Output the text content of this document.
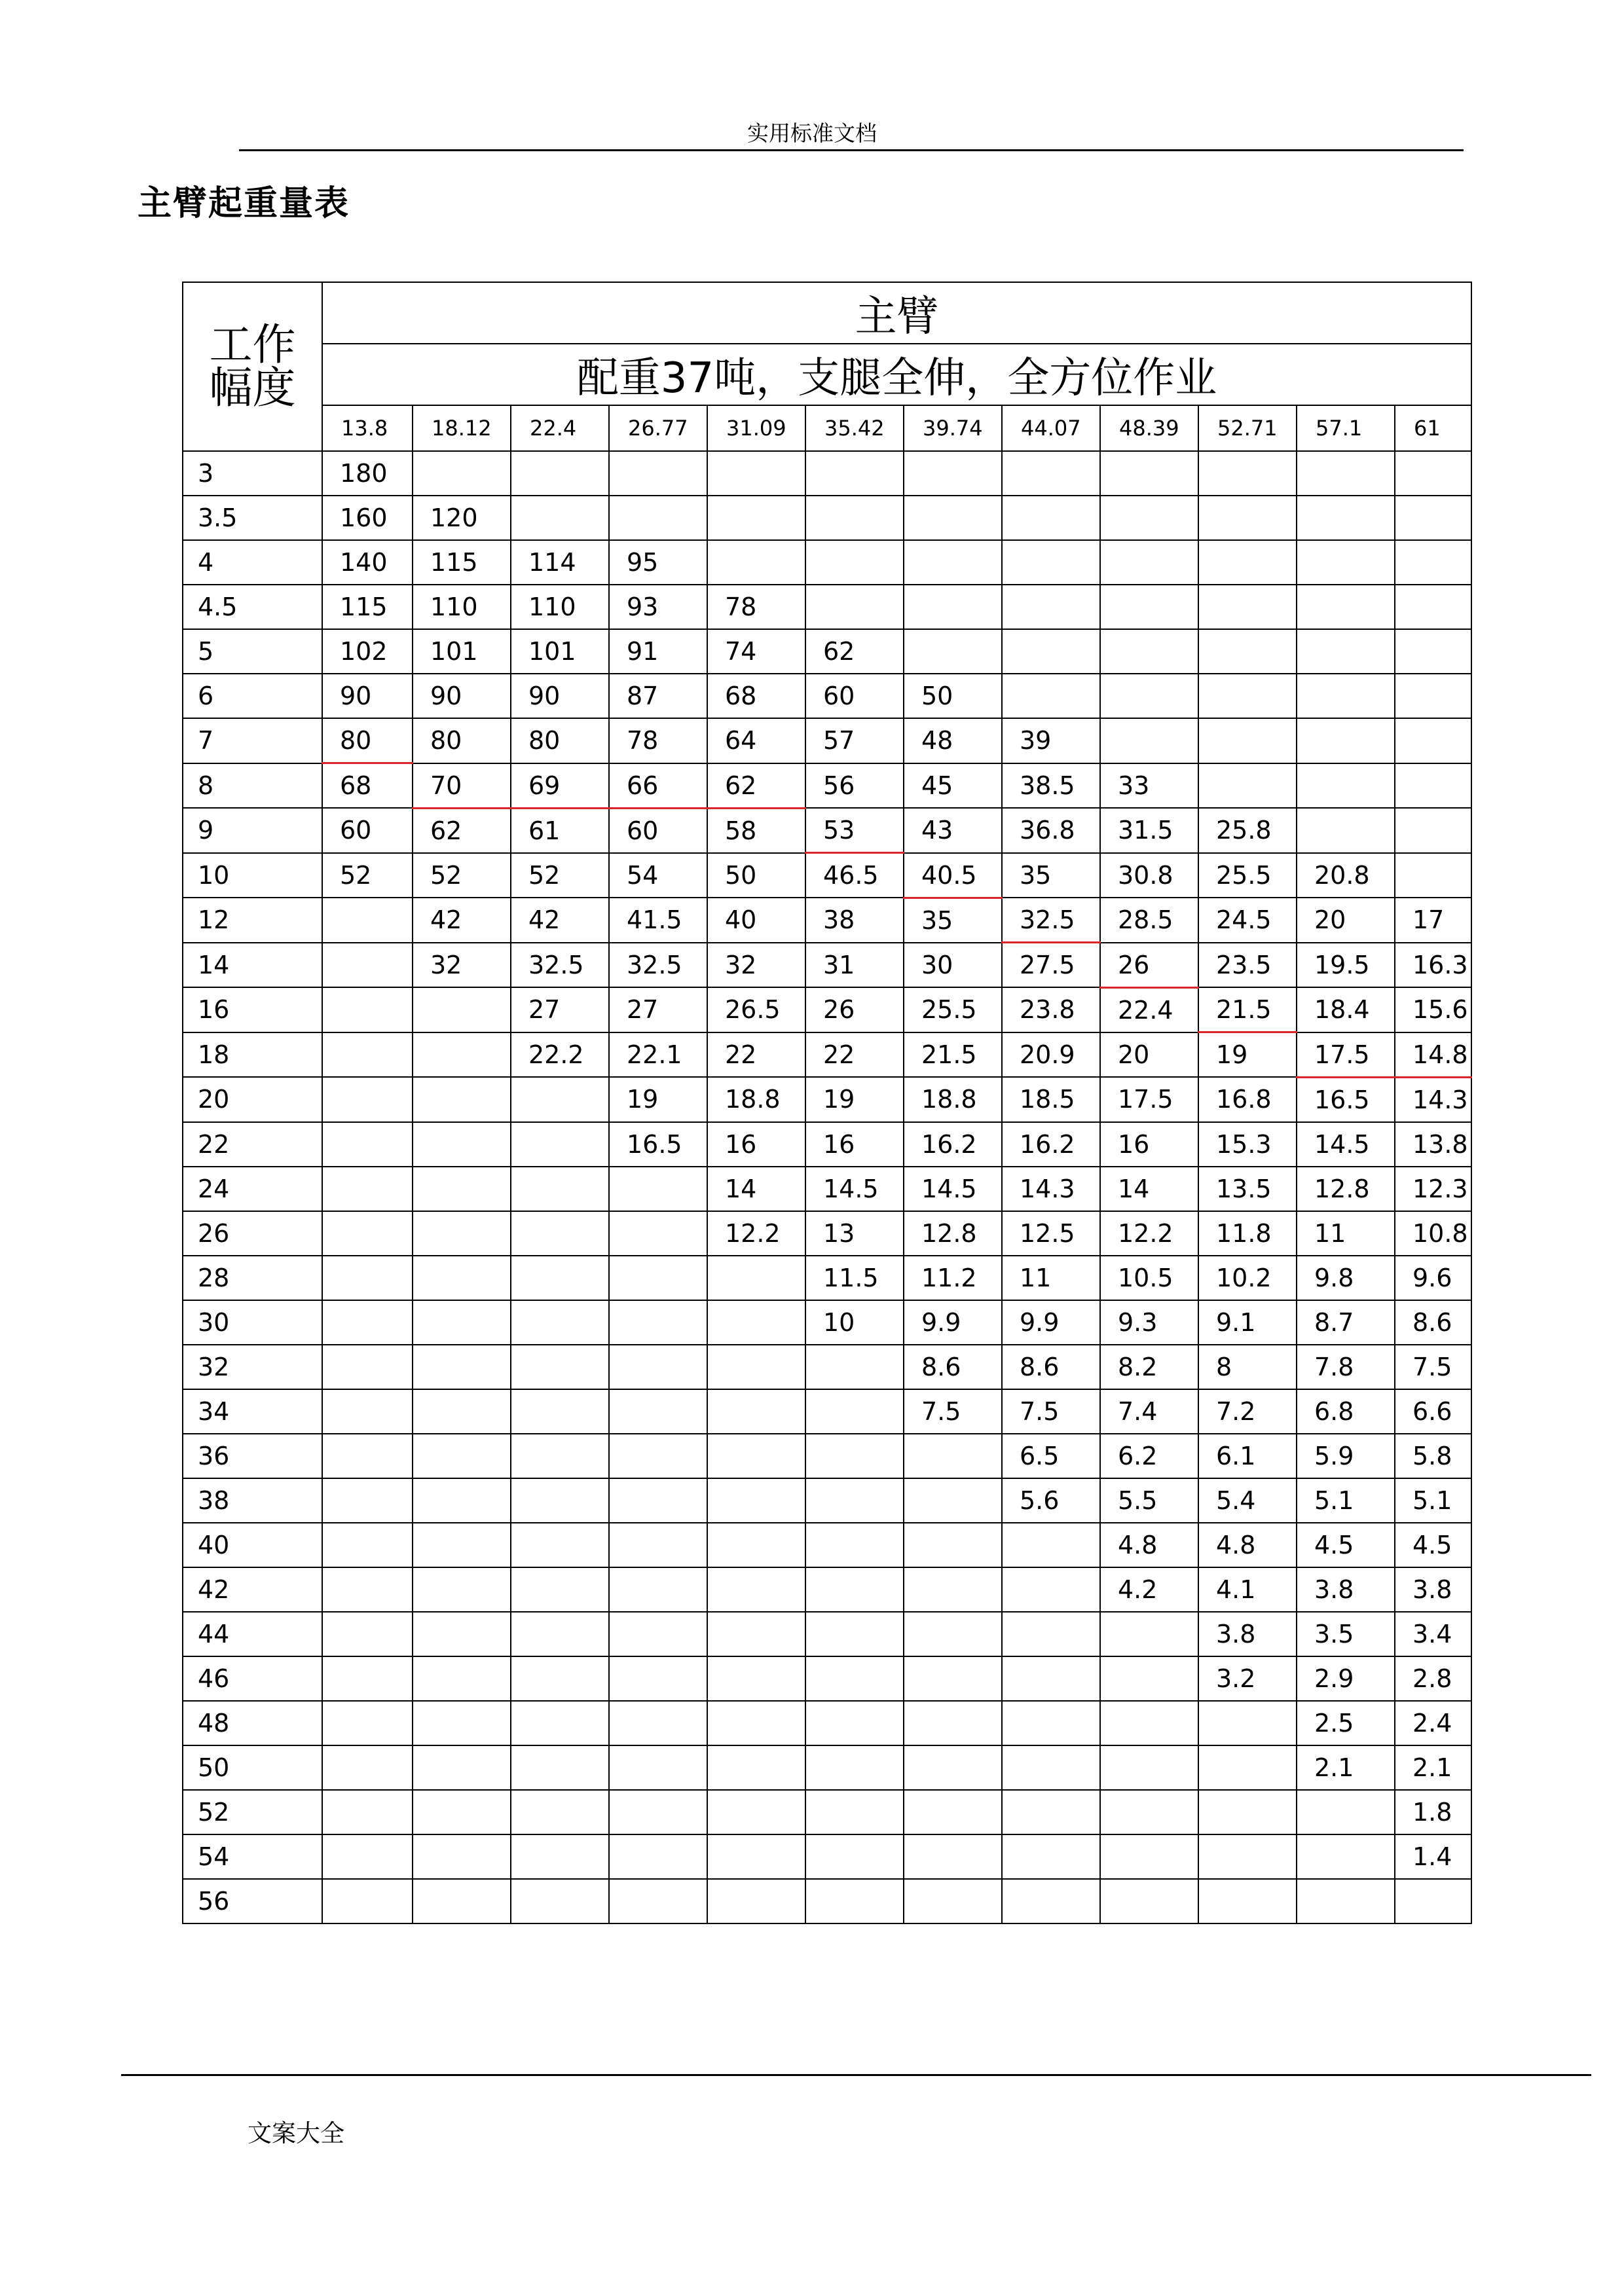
实用标准文档
主臂起重量表
工作
幅度	主臂											
	配重37吨，支腿全伸，全方位作业											
	13.8	18.12	22.4	26.77	31.09	35.42	39.74	44.07	48.39	52.71	57.1	61
3	180											
3.5	160	120										
4	140	115	114	95								
4.5	115	110	110	93	78							
5	102	101	101	91	74	62						
6	90	90	90	87	68	60	50					
7	80	80	80	78	64	57	48	39				
8	68	70	69	66	62	56	45	38.5	33			
9	60	62	61	60	58	53	43	36.8	31.5	25.8		
10	52	52	52	54	50	46.5	40.5	35	30.8	25.5	20.8	
12		42	42	41.5	40	38	35	32.5	28.5	24.5	20	17
14		32	32.5	32.5	32	31	30	27.5	26	23.5	19.5	16.3
16			27	27	26.5	26	25.5	23.8	22.4	21.5	18.4	15.6
18			22.2	22.1	22	22	21.5	20.9	20	19	17.5	14.8
20				19	18.8	19	18.8	18.5	17.5	16.8	16.5	14.3
22				16.5	16	16	16.2	16.2	16	15.3	14.5	13.8
24					14	14.5	14.5	14.3	14	13.5	12.8	12.3
26					12.2	13	12.8	12.5	12.2	11.8	11	10.8
28						11.5	11.2	11	10.5	10.2	9.8	9.6
30						10	9.9	9.9	9.3	9.1	8.7	8.6
32							8.6	8.6	8.2	8	7.8	7.5
34							7.5	7.5	7.4	7.2	6.8	6.6
36								6.5	6.2	6.1	5.9	5.8
38								5.6	5.5	5.4	5.1	5.1
40									4.8	4.8	4.5	4.5
42									4.2	4.1	3.8	3.8
44										3.8	3.5	3.4
46										3.2	2.9	2.8
48											2.5	2.4
50											2.1	2.1
52												1.8
54												1.4
56												
文案大全
